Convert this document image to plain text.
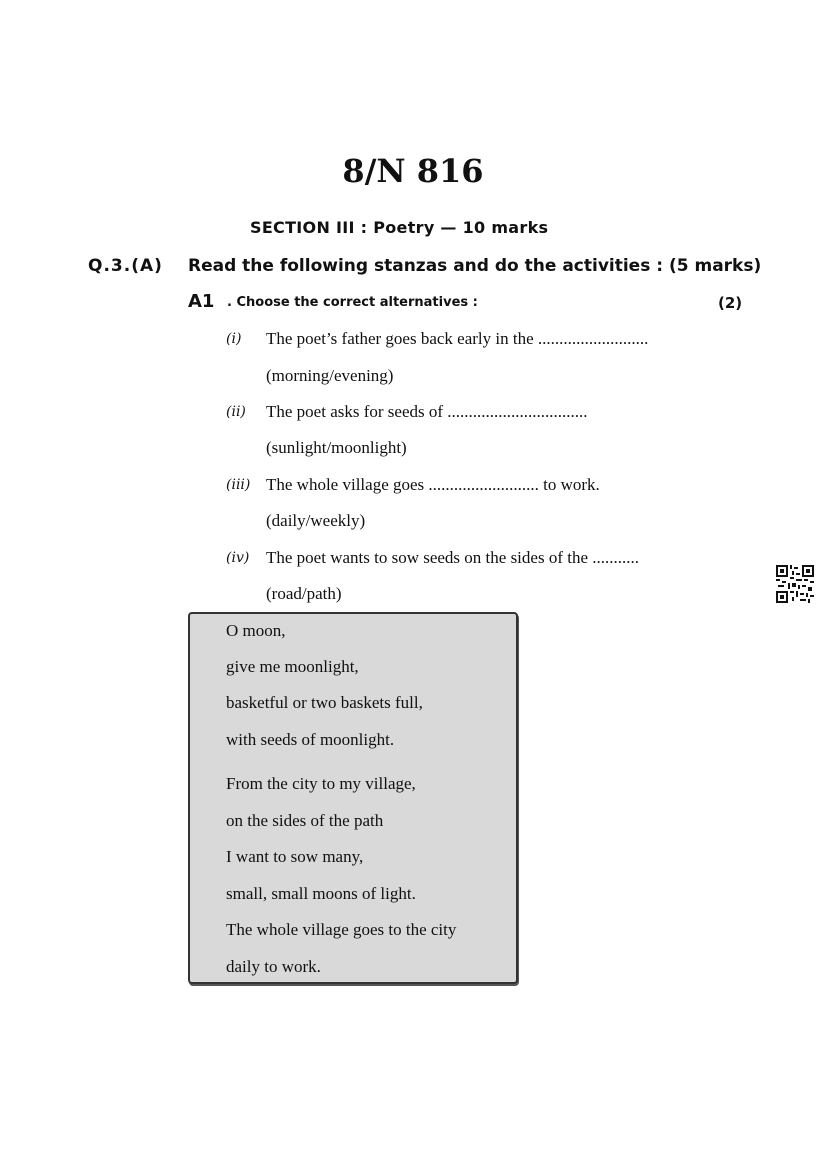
8/N 816
SECTION III : Poetry — 10 marks
Q.3.(A) Read the following stanzas and do the activities : (5 marks)
A1 . Choose the correct alternatives :	(2)
(i) The poet’s father goes back early in the ..........................
(morning/evening)
(ii) The poet asks for seeds of .................................
(sunlight/moonlight)
(iii) The whole village goes .......................... to work.
(daily/weekly)
(iv) The poet wants to sow seeds on the sides of the ...........
(road/path)
O moon,
give me moonlight,
basketful or two baskets full,
with seeds of moonlight.
From the city to my village,
on the sides of the path
I want to sow many,
small, small moons of light.
The whole village goes to the city
daily to work.
